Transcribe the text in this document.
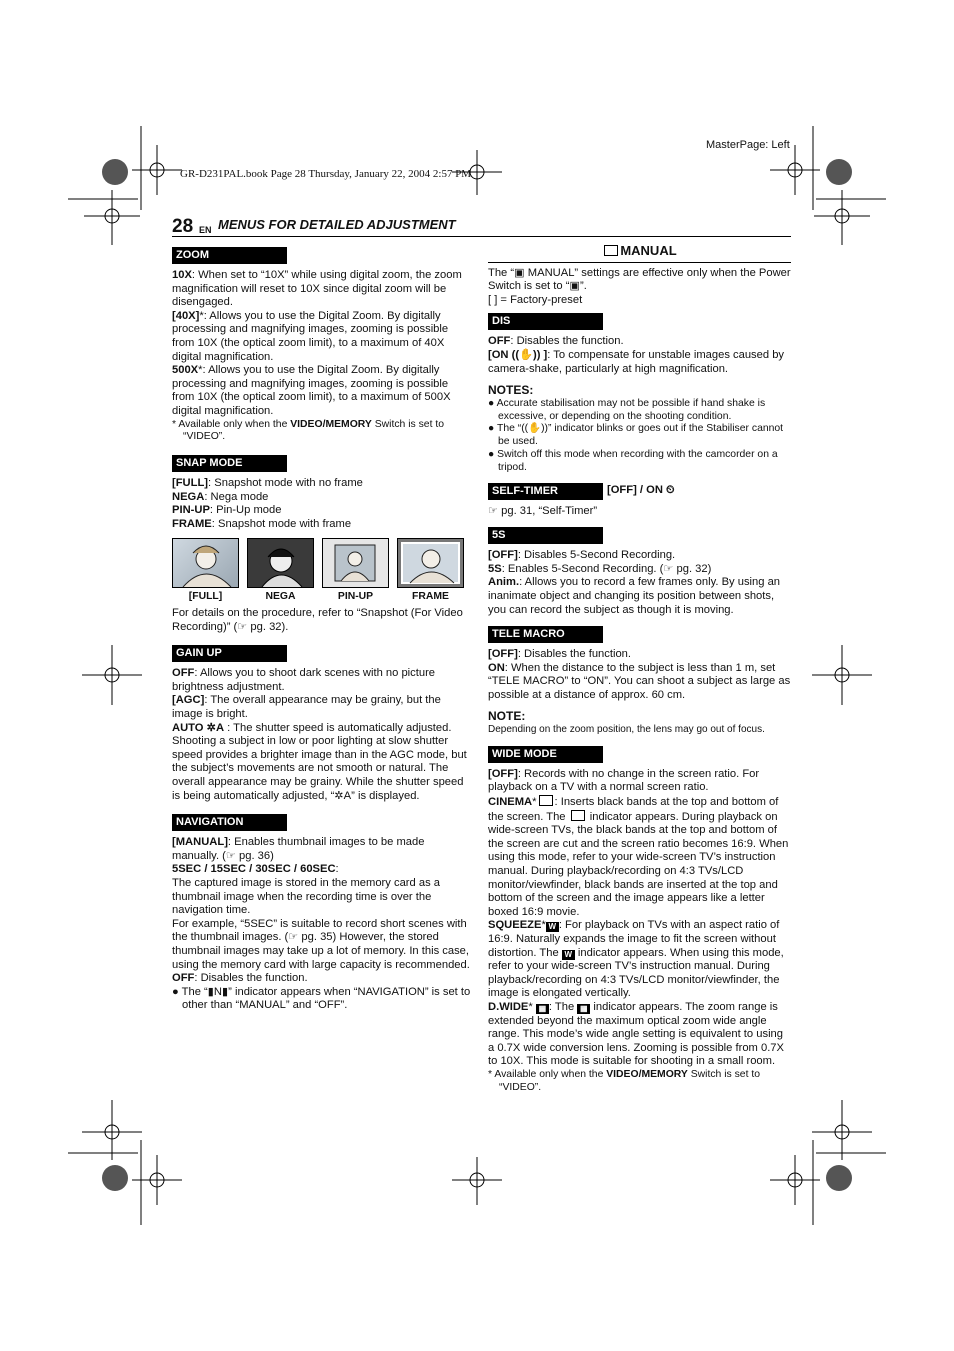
MasterPage: Left
GR-D231PAL.book Page 28 Thursday, January 22, 2004 2:57 PM
28 EN MENUS FOR DETAILED ADJUSTMENT
ZOOM

10X: When set to “10X” while using digital zoom, the zoom magnification will reset to 10X since digital zoom will be disengaged.

[40X]*: Allows you to use the Digital Zoom. By digitally processing and magnifying images, zooming is possible from 10X (the optical zoom limit), to a maximum of 40X digital magnification.

500X*: Allows you to use the Digital Zoom. By digitally processing and magnifying images, zooming is possible from 10X (the optical zoom limit), to a maximum of 500X digital magnification.

* Available only when the VIDEO/MEMORY Switch is set to “VIDEO”.

SNAP MODE

[FULL]: Snapshot mode with no frame

NEGA: Nega mode

PIN-UP: Pin-Up mode

FRAME: Snapshot mode with frame

[FULL]	NEGA	PIN-UP	FRAME

For details on the procedure, refer to “Snapshot (For Video Recording)” (☞ pg. 32).

GAIN UP

OFF: Allows you to shoot dark scenes with no picture brightness adjustment.

[AGC]: The overall appearance may be grainy, but the image is bright.

AUTO ✲A : The shutter speed is automatically adjusted. Shooting a subject in low or poor lighting at slow shutter speed provides a brighter image than in the AGC mode, but the subject’s movements are not smooth or natural. The overall appearance may be grainy. While the shutter speed is being automatically adjusted, “✲A” is displayed.

NAVIGATION

[MANUAL]: Enables thumbnail images to be made manually. (☞ pg. 36)

5SEC / 15SEC / 30SEC / 60SEC:

The captured image is stored in the memory card as a thumbnail image when the recording time is over the navigation time.

For example, “5SEC” is suitable to record short scenes with the thumbnail images. (☞ pg. 35) However, the stored thumbnail images may take up a lot of memory. In this case, using the memory card with large capacity is recommended.

OFF: Disables the function.

● The “▮N▮” indicator appears when “NAVIGATION” is set to other than “MANUAL” and “OFF”.

MANUAL

The “▣ MANUAL” settings are effective only when the Power Switch is set to “▣”.

[ ] = Factory-preset

DIS

OFF: Disables the function.

[ON ((✋)) ]: To compensate for unstable images caused by camera-shake, particularly at high magnification.

NOTES:

● Accurate stabilisation may not be possible if hand shake is excessive, or depending on the shooting condition.

● The “((✋))” indicator blinks or goes out if the Stabiliser cannot be used.

● Switch off this mode when recording with the camcorder on a tripod.

SELF-TIMER	[OFF] / ON ⏲

☞ pg. 31, “Self-Timer”

5S

[OFF]: Disables 5-Second Recording.

5S: Enables 5-Second Recording. (☞ pg. 32)

Anim.: Allows you to record a few frames only. By using an inanimate object and changing its position between shots, you can record the subject as though it is moving.

TELE MACRO

[OFF]: Disables the function.

ON: When the distance to the subject is less than 1 m, set “TELE MACRO” to “ON”. You can shoot a subject as large as possible at a distance of approx. 60 cm.

NOTE:

Depending on the zoom position, the lens may go out of focus.

WIDE MODE

[OFF]: Records with no change in the screen ratio. For playback on a TV with a normal screen ratio.

CINEMA* : Inserts black bands at the top and bottom of the screen. The  indicator appears. During playback on wide-screen TVs, the black bands at the top and bottom of the screen are cut and the screen ratio becomes 16:9. When using this mode, refer to your wide-screen TV’s instruction manual. During playback/recording on 4:3 TVs/LCD monitor/viewfinder, black bands are inserted at the top and bottom of the screen and the image appears like a letter boxed 16:9 movie.

SQUEEZE* W : For playback on TVs with an aspect ratio of 16:9. Naturally expands the image to fit the screen without distortion. The W indicator appears. When using this mode, refer to your wide-screen TV’s instruction manual. During playback/recording on 4:3 TVs/LCD monitor/viewfinder, the image is elongated vertically.

D.WIDE* ▦ : The ▦ indicator appears. The zoom range is extended beyond the maximum optical zoom wide angle range. This mode’s wide angle setting is equivalent to using a 0.7X wide conversion lens. Zooming is possible from 0.7X to 10X. This mode is suitable for shooting in a small room.

* Available only when the VIDEO/MEMORY Switch is set to “VIDEO”.
